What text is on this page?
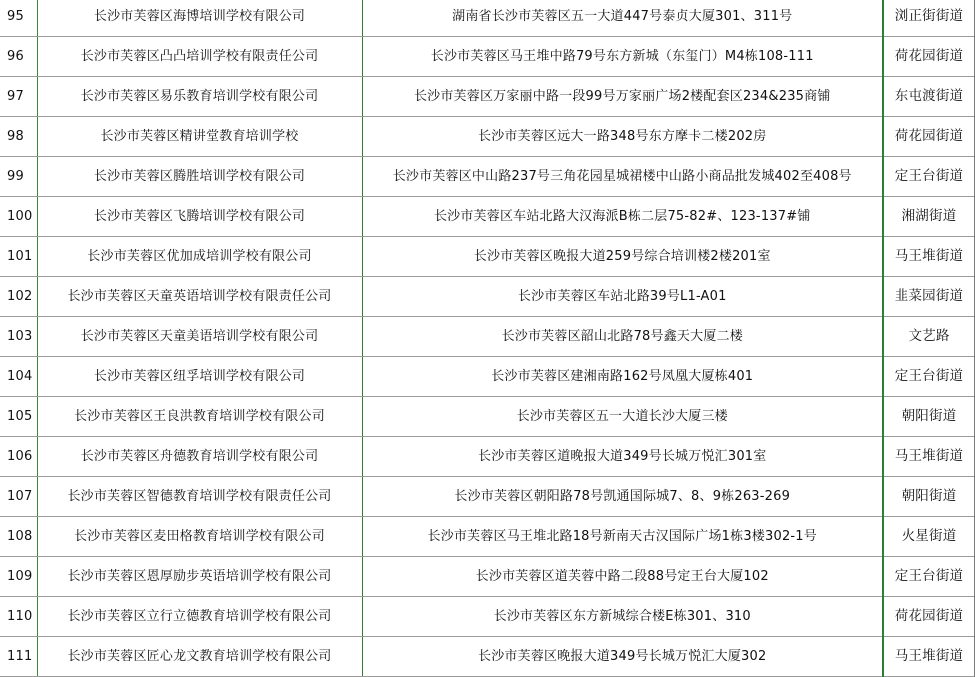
95	长沙市芙蓉区海博培训学校有限公司	湖南省长沙市芙蓉区五一大道447号泰贞大厦301、311号	浏正街街道
96	长沙市芙蓉区凸凸培训学校有限责任公司	长沙市芙蓉区马王堆中路79号东方新城（东玺门）M4栋108-111	荷花园街道
97	长沙市芙蓉区易乐教育培训学校有限公司	长沙市芙蓉区万家丽中路一段99号万家丽广场2楼配套区234&235商铺	东屯渡街道
98	长沙市芙蓉区精讲堂教育培训学校	长沙市芙蓉区远大一路348号东方摩卡二楼202房	荷花园街道
99	长沙市芙蓉区腾胜培训学校有限公司	长沙市芙蓉区中山路237号三角花园星城裙楼中山路小商品批发城402至408号	定王台街道
100	长沙市芙蓉区飞腾培训学校有限公司	长沙市芙蓉区车站北路大汉海派B栋二层75-82#、123-137#铺	湘湖街道
101	长沙市芙蓉区优加成培训学校有限公司	长沙市芙蓉区晚报大道259号综合培训楼2楼201室	马王堆街道
102	长沙市芙蓉区天童英语培训学校有限责任公司	长沙市芙蓉区车站北路39号L1-A01	韭菜园街道
103	长沙市芙蓉区天童美语培训学校有限公司	长沙市芙蓉区韶山北路78号鑫天大厦二楼	文艺路
104	长沙市芙蓉区纽孚培训学校有限公司	长沙市芙蓉区建湘南路162号凤凰大厦栋401	定王台街道
105	长沙市芙蓉区王良洪教育培训学校有限公司	长沙市芙蓉区五一大道长沙大厦三楼	朝阳街道
106	长沙市芙蓉区舟德教育培训学校有限公司	长沙市芙蓉区道晚报大道349号长城万悦汇301室	马王堆街道
107	长沙市芙蓉区智德教育培训学校有限责任公司	长沙市芙蓉区朝阳路78号凯通国际城7、8、9栋263-269	朝阳街道
108	长沙市芙蓉区麦田格教育培训学校有限公司	长沙市芙蓉区马王堆北路18号新南天古汉国际广场1栋3楼302-1号	火星街道
109	长沙市芙蓉区恩厚励步英语培训学校有限公司	长沙市芙蓉区道芙蓉中路二段88号定王台大厦102	定王台街道
110	长沙市芙蓉区立行立德教育培训学校有限公司	长沙市芙蓉区东方新城综合楼E栋301、310	荷花园街道
111	长沙市芙蓉区匠心龙文教育培训学校有限公司	长沙市芙蓉区晚报大道349号长城万悦汇大厦302	马王堆街道
